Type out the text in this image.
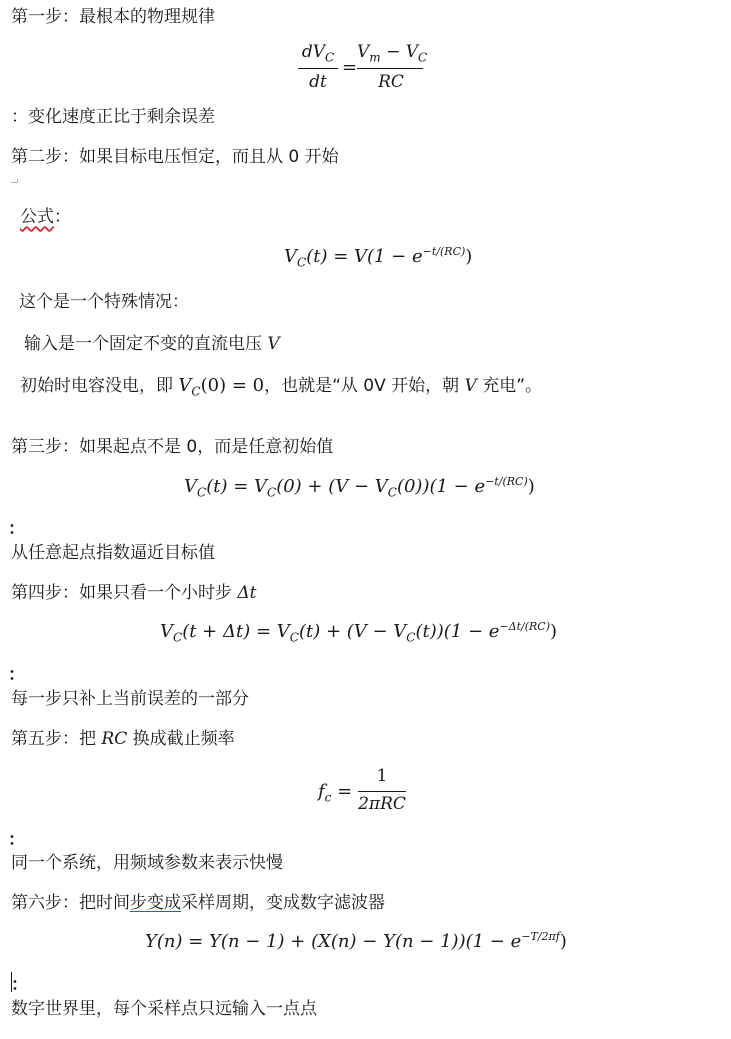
第一步：最根本的物理规律
$dV_C$
dt
=
$V_m - V_C$
RC
：变化速度正比于剩余误差
第二步：如果目标电压恒定，而且从 0 开始
公式：
$V_C(t) = V(1 - e^{-t/(RC)})$
这个是一个特殊情况：
输入是一个固定不变的直流电压 V
初始时电容没电，即 $V_C(0) = 0$，也就是“从 0V 开始，朝 V 充电”。
第三步：如果起点不是 0，而是任意初始值
$V_C(t) = V_C(0) + (V - V_C(0))(1 - e^{-t/(RC)})$
：
从任意起点指数逼近目标值
第四步：如果只看一个小时步 Δt
$V_C(t + \Delta t) = V_C(t) + (V - V_C(t))(1 - e^{-\Delta t/(RC)})$
：
每一步只补上当前误差的一部分
第五步：把 RC 换成截止频率
$f_c$ =
1
2πRC
：
同一个系统，用频域参数来表示快慢
第六步：把时间步变成采样周期，变成数字滤波器
$Y(n) = Y(n - 1) + (X(n) - Y(n - 1))(1 - e^{-T/2\pi f})$
：
数字世界里，每个采样点只远输入一点点
